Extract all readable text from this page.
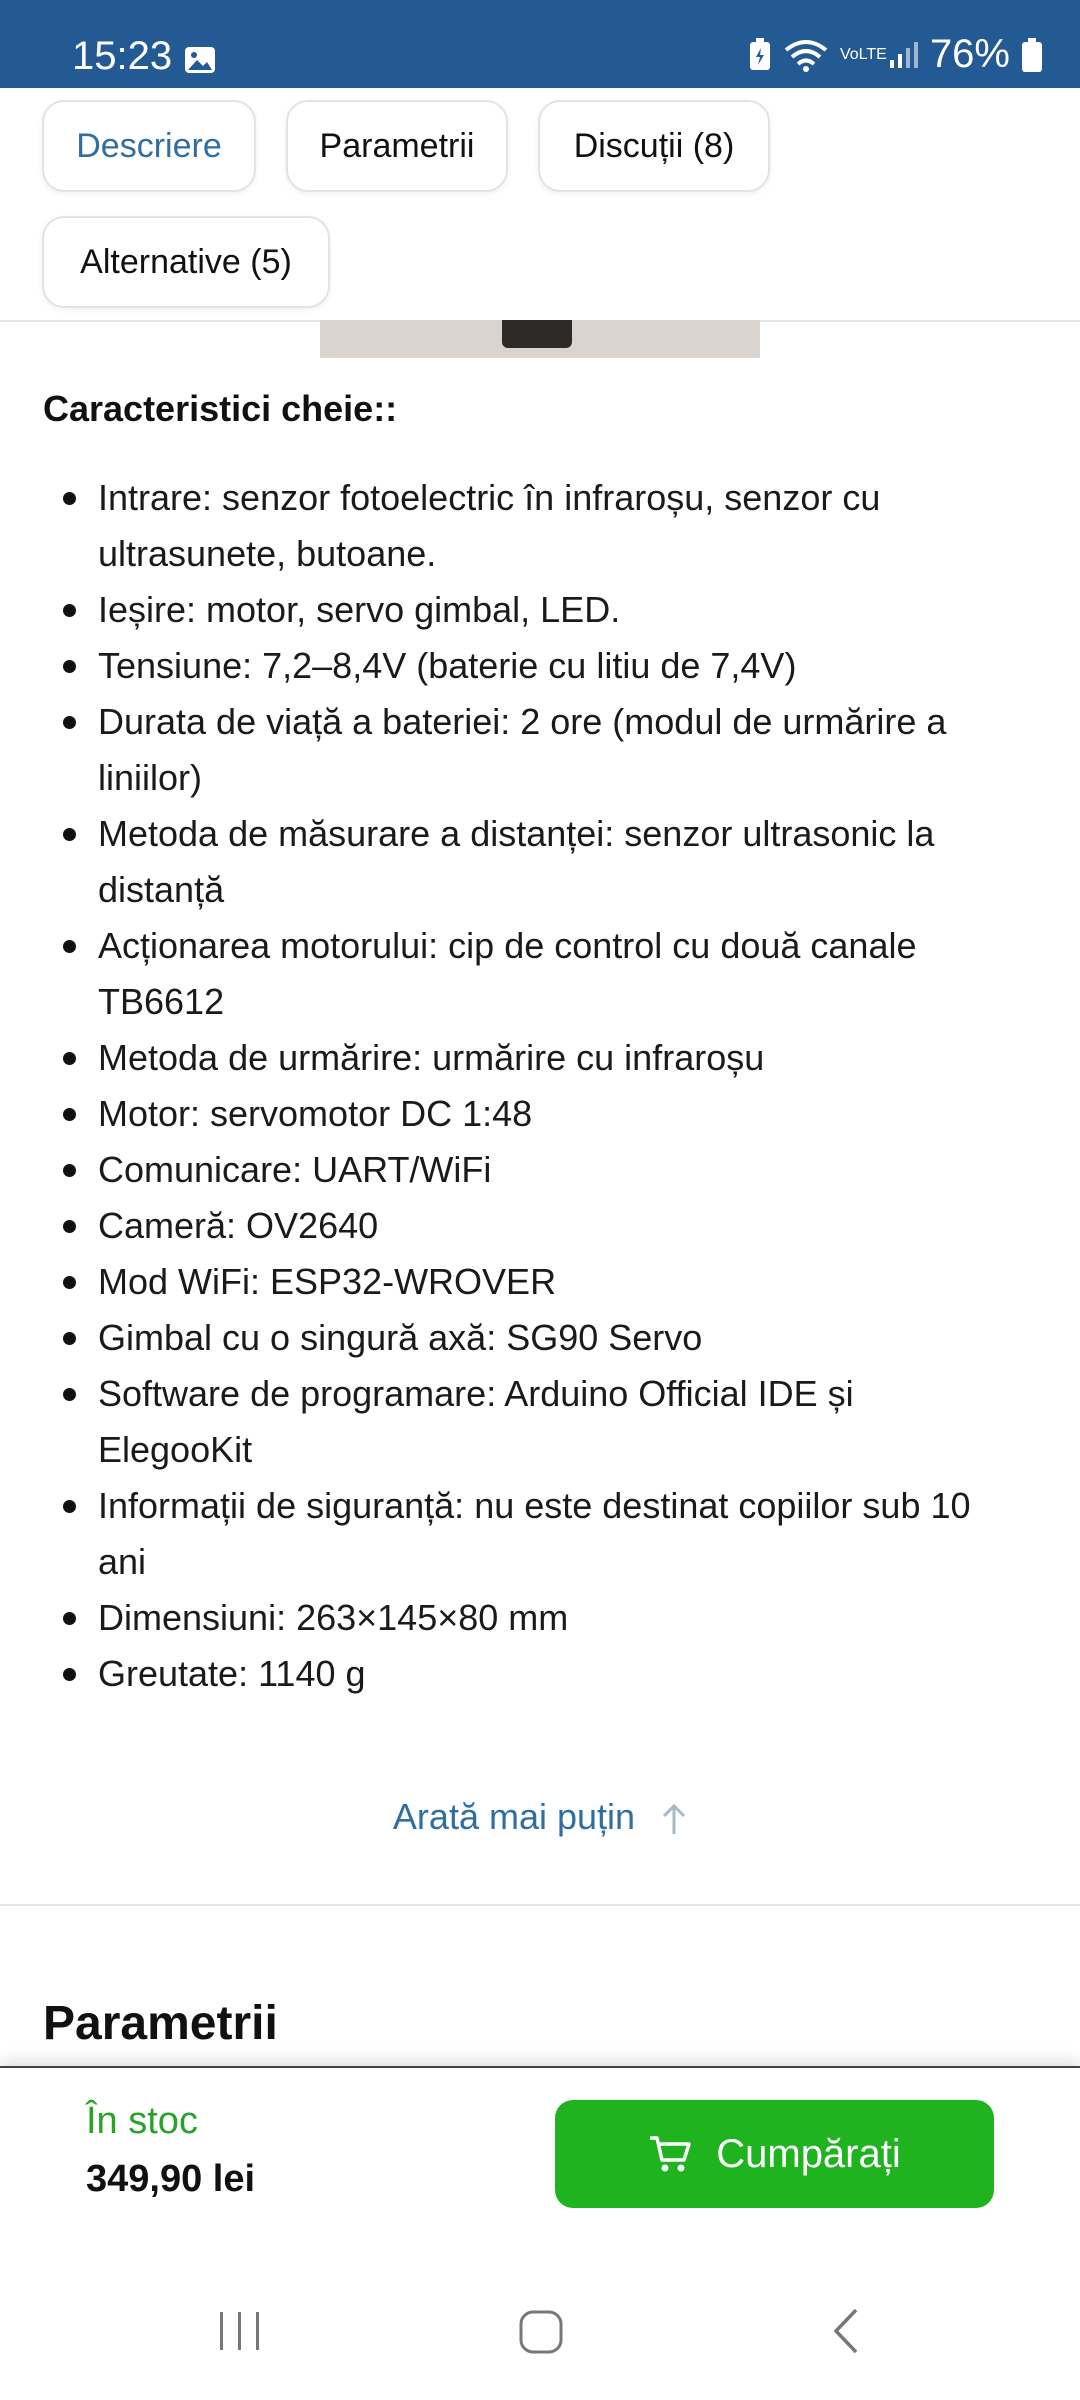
15:23	VoLTE 76%
Descriere	Parametrii	Discuții (8)
Alternative (5)
Caracteristici cheie::
Intrare: senzor fotoelectric în infraroșu, senzor cu ultrasunete, butoane.
Ieșire: motor, servo gimbal, LED.
Tensiune: 7,2–8,4V (baterie cu litiu de 7,4V)
Durata de viață a bateriei: 2 ore (modul de urmărire a liniilor)
Metoda de măsurare a distanței: senzor ultrasonic la distanță
Acționarea motorului: cip de control cu două canale TB6612
Metoda de urmărire: urmărire cu infraroșu
Motor: servomotor DC 1:48
Comunicare: UART/WiFi
Cameră: OV2640
Mod WiFi: ESP32-WROVER
Gimbal cu o singură axă: SG90 Servo
Software de programare: Arduino Official IDE și ElegooKit
Informații de siguranță: nu este destinat copiilor sub 10 ani
Dimensiuni: 263×145×80 mm
Greutate: 1140 g
Arată mai puțin
Parametrii
În stoc
349,90 lei
Cumpărați
